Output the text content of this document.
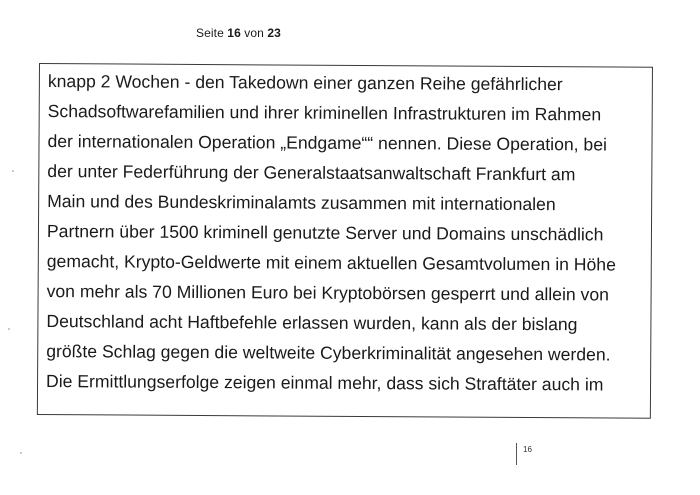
Seite 16 von 23
knapp 2 Wochen - den Takedown einer ganzen Reihe gefährlicher
Schadsoftwarefamilien und ihrer kriminellen Infrastrukturen im Rahmen
der internationalen Operation „Endgame““ nennen. Diese Operation, bei
der unter Federführung der Generalstaatsanwaltschaft Frankfurt am
Main und des Bundeskriminalamts zusammen mit internationalen
Partnern über 1500 kriminell genutzte Server und Domains unschädlich
gemacht, Krypto-Geldwerte mit einem aktuellen Gesamtvolumen in Höhe
von mehr als 70 Millionen Euro bei Kryptobörsen gesperrt und allein von
Deutschland acht Haftbefehle erlassen wurden, kann als der bislang
größte Schlag gegen die weltweite Cyberkriminalität angesehen werden.
Die Ermittlungserfolge zeigen einmal mehr, dass sich Straftäter auch im
16
